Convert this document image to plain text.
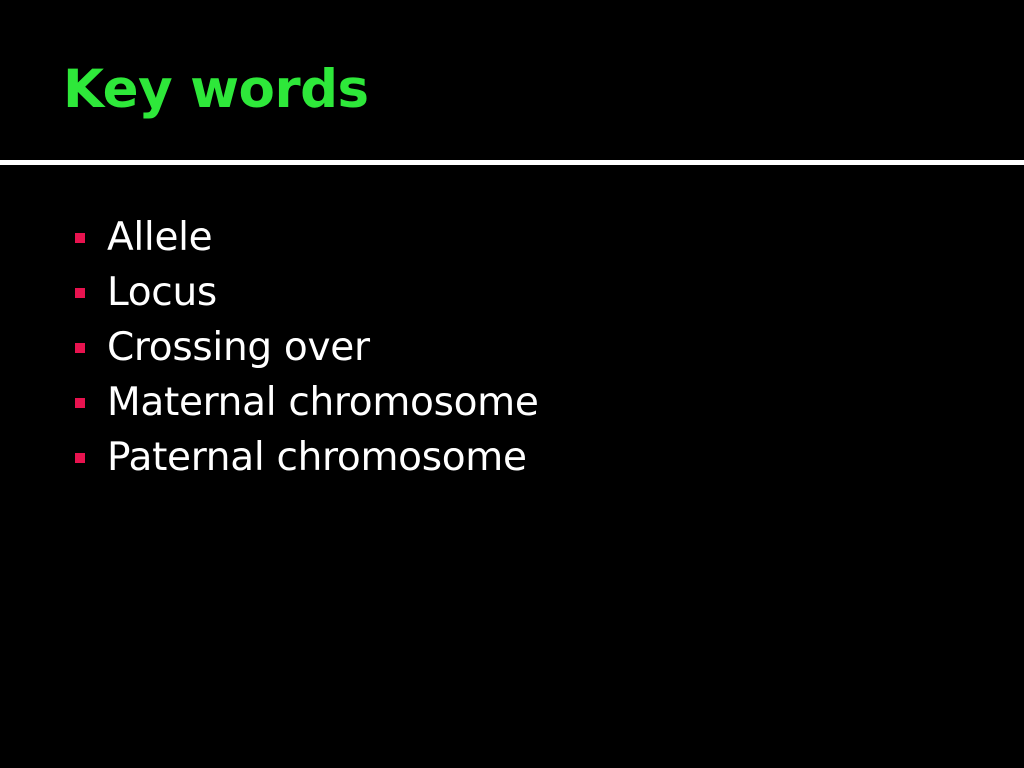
Key words
Allele
Locus
Crossing over
Maternal chromosome
Paternal chromosome
